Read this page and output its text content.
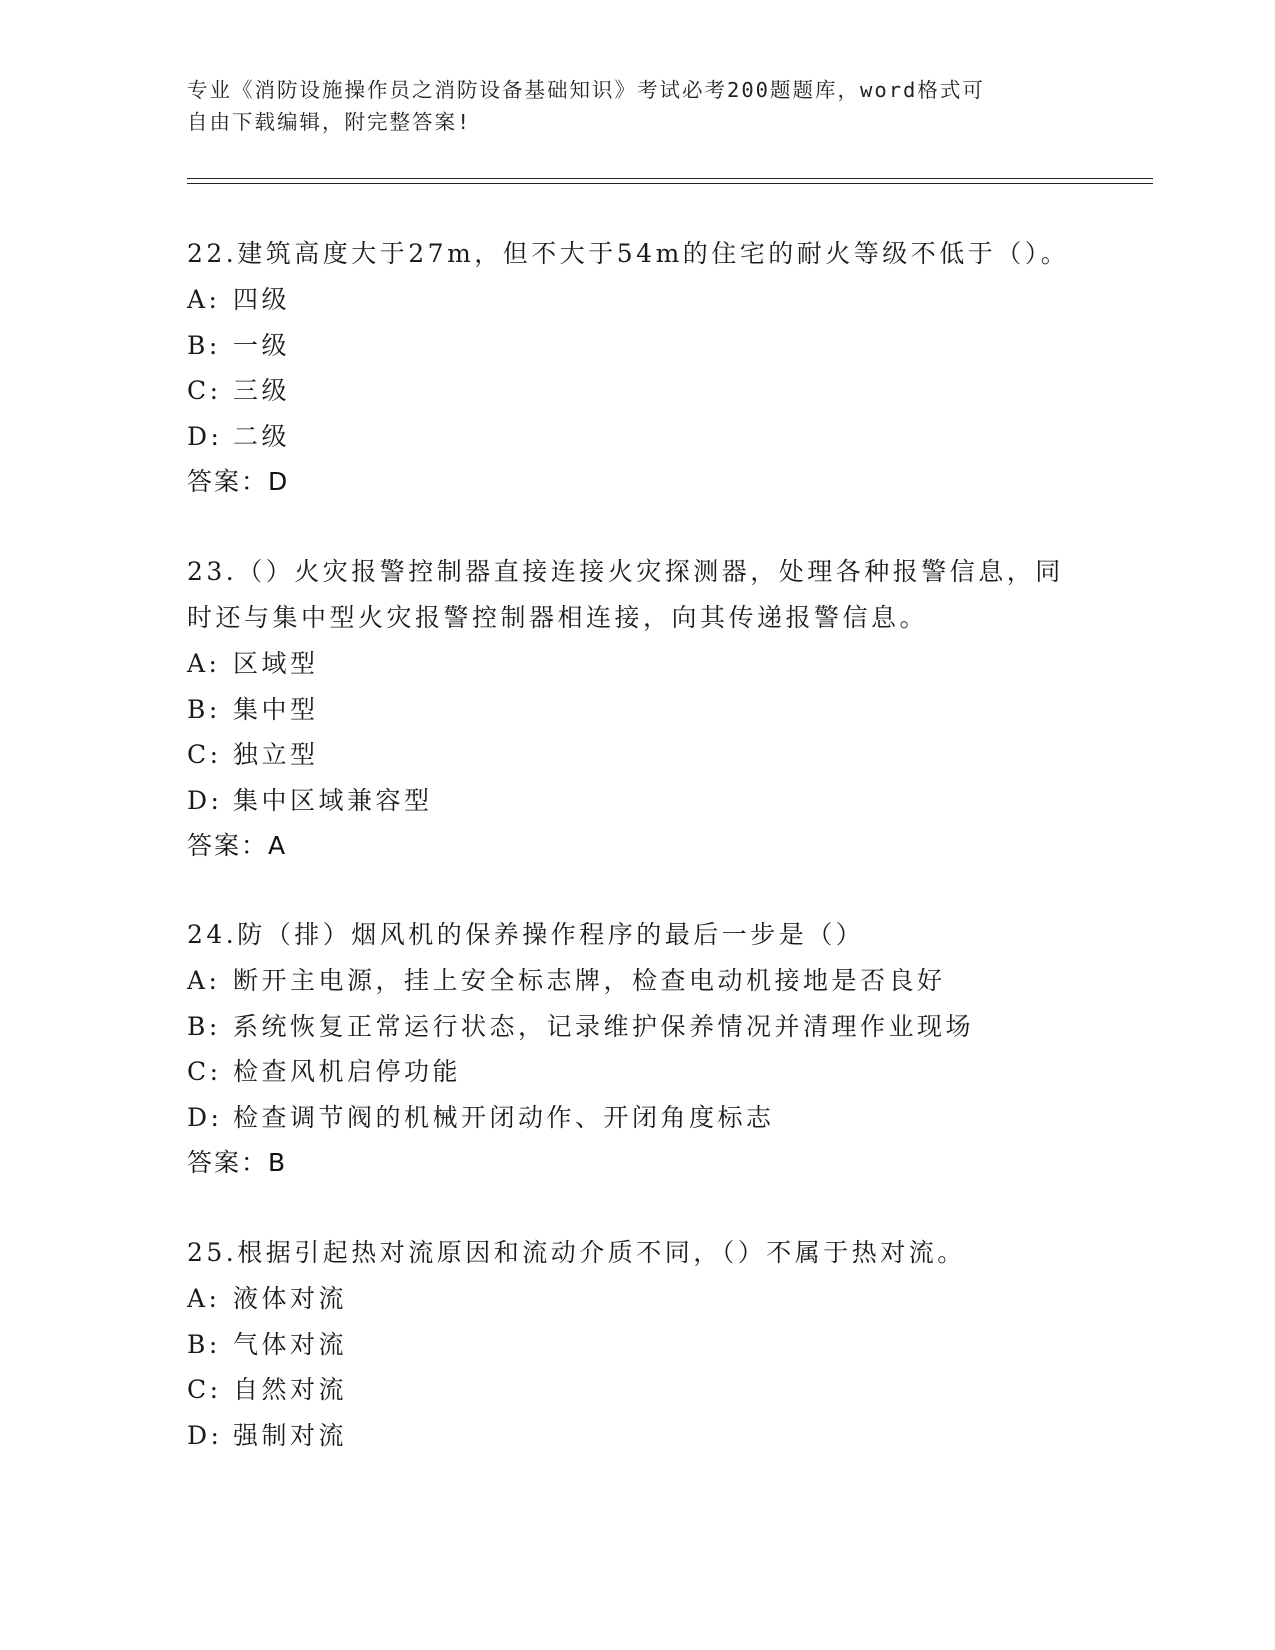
专业《消防设施操作员之消防设备基础知识》考试必考200题题库，word格式可
自由下载编辑，附完整答案!

22.建筑高度大于27m，但不大于54m的住宅的耐火等级不低于（）。

A: 四级
B: 一级
C: 三级
D: 二级
答案：D

23.（）火灾报警控制器直接连接火灾探测器，处理各种报警信息，同

时还与集中型火灾报警控制器相连接，向其传递报警信息。

A: 区域型
B: 集中型
C: 独立型
D: 集中区域兼容型
答案：A

24.防（排）烟风机的保养操作程序的最后一步是（）

A: 断开主电源，挂上安全标志牌，检查电动机接地是否良好
B: 系统恢复正常运行状态，记录维护保养情况并清理作业现场
C: 检查风机启停功能
D: 检查调节阀的机械开闭动作、开闭角度标志
答案：B

25.根据引起热对流原因和流动介质不同，（）不属于热对流。

A: 液体对流
B: 气体对流
C: 自然对流
D: 强制对流
